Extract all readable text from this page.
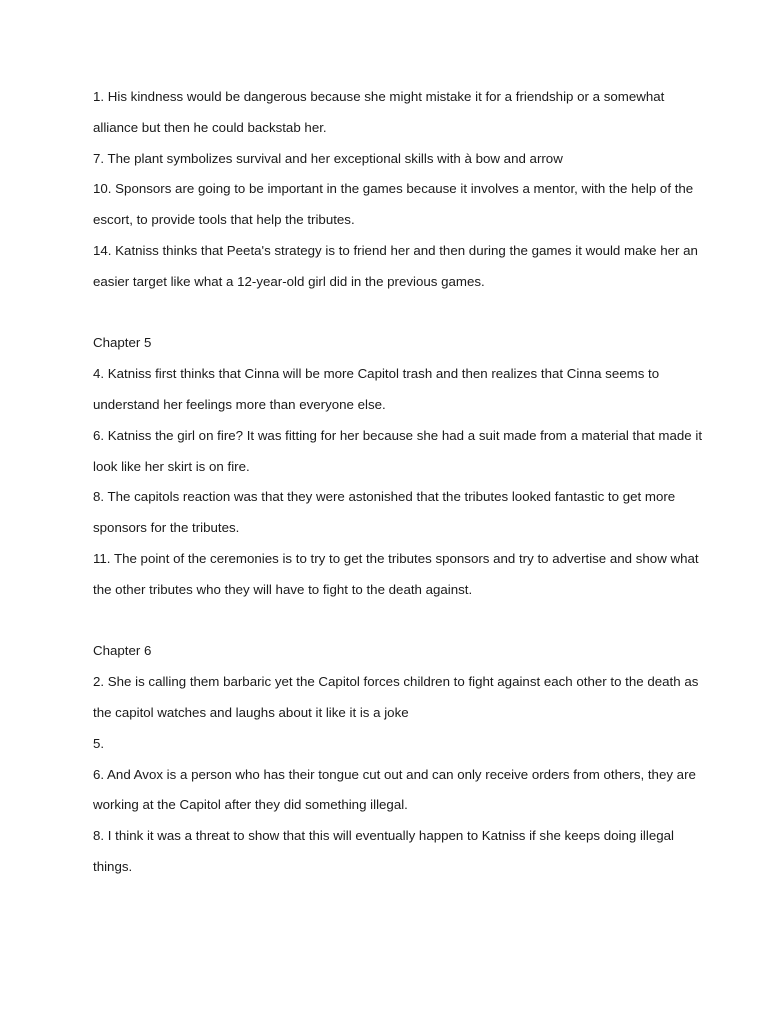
1. His kindness would be dangerous because she might mistake it for a friendship or a somewhat alliance but then he could backstab her.

7. The plant symbolizes survival and her exceptional skills with à bow and arrow

10. Sponsors are going to be important in the games because it involves a mentor, with the help of the escort, to provide tools that help the tributes.

14. Katniss thinks that Peeta's strategy is to friend her and then during the games it would make her an easier target like what a 12-year-old girl did in the previous games.

Chapter 5

4. Katniss first thinks that Cinna will be more Capitol trash and then realizes that Cinna seems to understand her feelings more than everyone else.

6. Katniss the girl on fire? It was fitting for her because she had a suit made from a material that made it look like her skirt is on fire.

8. The capitols reaction was that they were astonished that the tributes looked fantastic to get more sponsors for the tributes.

11. The point of the ceremonies is to try to get the tributes sponsors and try to advertise and show what the other tributes who they will have to fight to the death against.

Chapter 6

2. She is calling them barbaric yet the Capitol forces children to fight against each other to the death as the capitol watches and laughs about it like it is a joke

5.

6. And Avox is a person who has their tongue cut out and can only receive orders from others, they are working at the Capitol after they did something illegal.

8. I think it was a threat to show that this will eventually happen to Katniss if she keeps doing illegal things.
